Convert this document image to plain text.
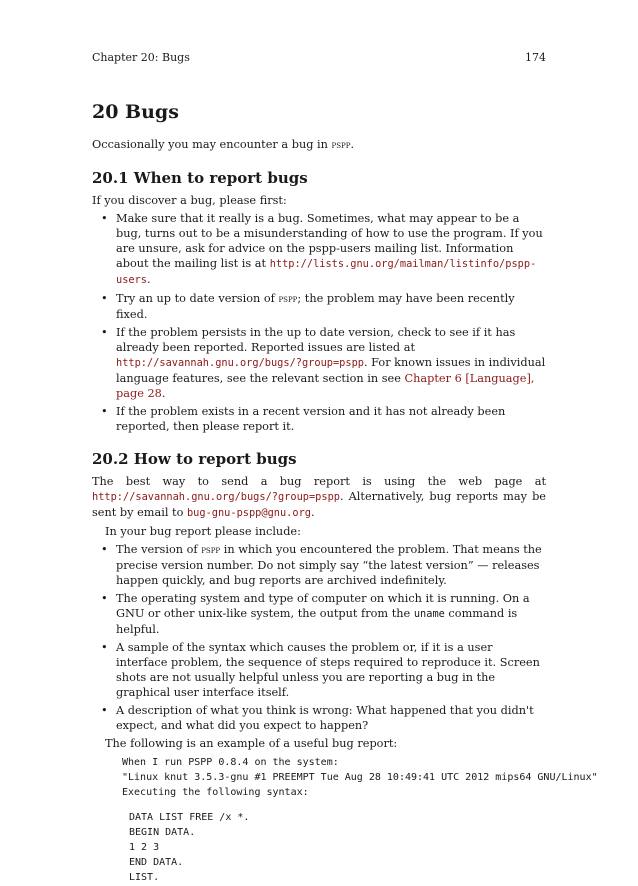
Chapter 20: Bugs	174
20 Bugs

Occasionally you may encounter a bug in pspp.

20.1 When to report bugs

If you discover a bug, please first:

• Make sure that it really is a bug. Sometimes, what may appear to be a bug, turns out to be a misunderstanding of how to use the program. If you are unsure, ask for advice on the pspp-users mailing list. Information about the mailing list is at http://lists.gnu.org/mailman/listinfo/pspp-users.
• Try an up to date version of pspp; the problem may have been recently fixed.
• If the problem persists in the up to date version, check to see if it has already been reported. Reported issues are listed at http://savannah.gnu.org/bugs/?group=pspp. For known issues in individual language features, see the relevant section in see Chapter 6 [Language], page 28.
• If the problem exists in a recent version and it has not already been reported, then please report it.
20.2 How to report bugs

The best way to send a bug report is using the web page at http://savannah.gnu.org/bugs/?group=pspp. Alternatively, bug reports may be sent by email to bug-gnu-pspp@gnu.org.

In your bug report please include:

• The version of pspp in which you encountered the problem. That means the precise version number. Do not simply say “the latest version” — releases happen quickly, and bug reports are archived indefinitely.
• The operating system and type of computer on which it is running. On a GNU or other unix-like system, the output from the uname command is helpful.
• A sample of the syntax which causes the problem or, if it is a user interface problem, the sequence of steps required to reproduce it. Screen shots are not usually helpful unless you are reporting a bug in the graphical user interface itself.
• A description of what you think is wrong: What happened that you didn't expect, and what did you expect to happen?

The following is an example of a useful bug report:

When I run PSPP 0.8.4 on the system:
"Linux knut 3.5.3-gnu #1 PREEMPT Tue Aug 28 10:49:41 UTC 2012 mips64 GNU/Linux"
Executing the following syntax:
DATA LIST FREE /x *.
BEGIN DATA.
1 2 3
END DATA.
LIST.
